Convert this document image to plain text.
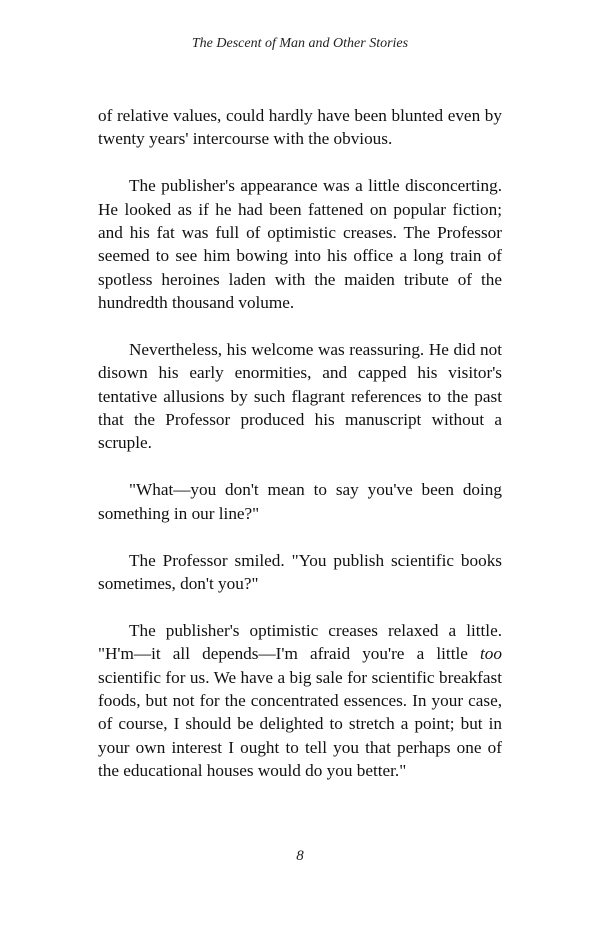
The Descent of Man and Other Stories

of relative values, could hardly have been blunted even by twenty years' intercourse with the obvious.

The publisher's appearance was a little disconcerting. He looked as if he had been fattened on popular fiction; and his fat was full of optimistic creases. The Professor seemed to see him bowing into his office a long train of spotless heroines laden with the maiden tribute of the hundredth thousand volume.

Nevertheless, his welcome was reassuring. He did not disown his early enormities, and capped his visitor's tentative allusions by such flagrant references to the past that the Professor produced his manuscript without a scruple.

"What—you don't mean to say you've been doing something in our line?"

The Professor smiled. "You publish scientific books sometimes, don't you?"

The publisher's optimistic creases relaxed a little. "H'm—it all depends—I'm afraid you're a little too scientific for us. We have a big sale for scientific breakfast foods, but not for the concentrated essences. In your case, of course, I should be delighted to stretch a point; but in your own interest I ought to tell you that perhaps one of the educational houses would do you better."

8
